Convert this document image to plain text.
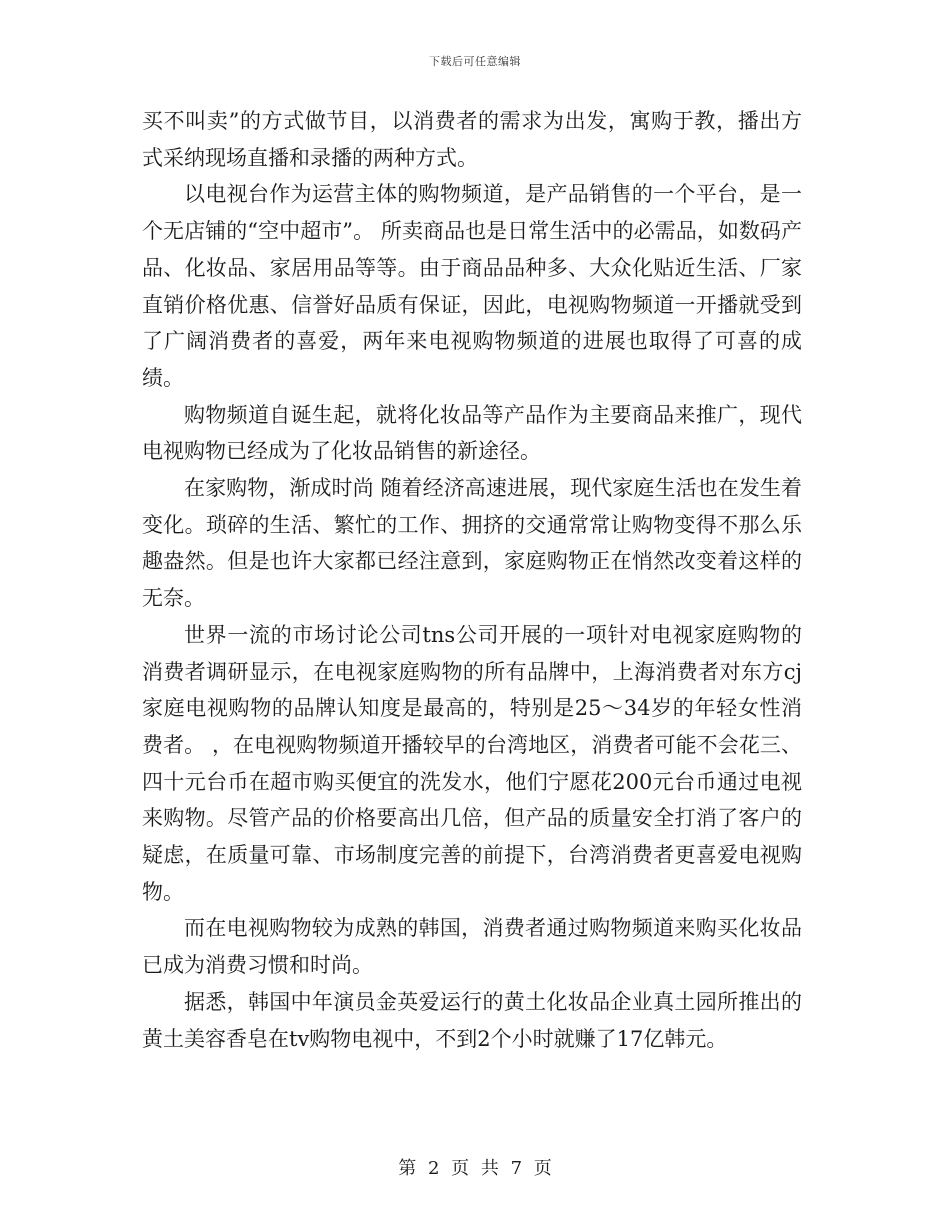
下载后可任意编辑

买不叫卖”的方式做节目，以消费者的需求为出发，寓购于教，播出方式采纳现场直播和录播的两种方式。

以电视台作为运营主体的购物频道，是产品销售的一个平台，是一个无店铺的“空中超市”。 所卖商品也是日常生活中的必需品，如数码产品、化妆品、家居用品等等。由于商品品种多、大众化贴近生活、厂家直销价格优惠、信誉好品质有保证，因此，电视购物频道一开播就受到了广阔消费者的喜爱，两年来电视购物频道的进展也取得了可喜的成绩。

购物频道自诞生起，就将化妆品等产品作为主要商品来推广，现代电视购物已经成为了化妆品销售的新途径。

在家购物，渐成时尚 随着经济高速进展，现代家庭生活也在发生着变化。琐碎的生活、繁忙的工作、拥挤的交通常常让购物变得不那么乐趣盎然。但是也许大家都已经注意到，家庭购物正在悄然改变着这样的无奈。

世界一流的市场讨论公司tns公司开展的一项针对电视家庭购物的消费者调研显示，在电视家庭购物的所有品牌中，上海消费者对东方cj家庭电视购物的品牌认知度是最高的，特别是25～34岁的年轻女性消费者。 ，在电视购物频道开播较早的台湾地区，消费者可能不会花三、四十元台币在超市购买便宜的洗发水，他们宁愿花200元台币通过电视来购物。尽管产品的价格要高出几倍，但产品的质量安全打消了客户的疑虑，在质量可靠、市场制度完善的前提下，台湾消费者更喜爱电视购物。

而在电视购物较为成熟的韩国，消费者通过购物频道来购买化妆品已成为消费习惯和时尚。

据悉，韩国中年演员金英爱运行的黄土化妆品企业真土园所推出的黄土美容香皂在tv购物电视中，不到2个小时就赚了17亿韩元。

第 2 页 共 7 页
